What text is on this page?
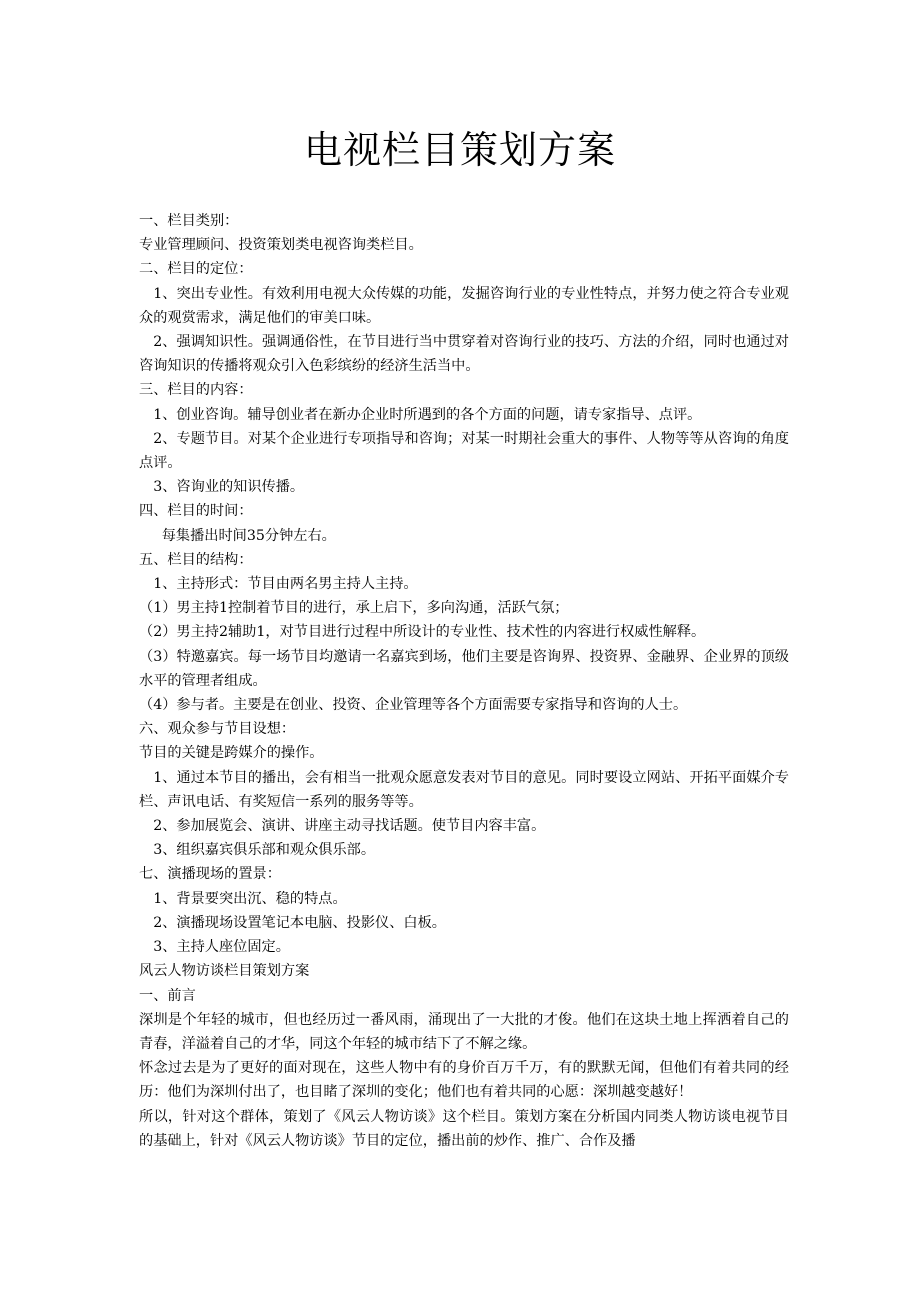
电视栏目策划方案

一、栏目类别：

专业管理顾问、投资策划类电视咨询类栏目。

二、栏目的定位：

1、突出专业性。有效利用电视大众传媒的功能，发掘咨询行业的专业性特点，并努力使之符合专业观众的观赏需求，满足他们的审美口味。

2、强调知识性。强调通俗性，在节目进行当中贯穿着对咨询行业的技巧、方法的介绍，同时也通过对咨询知识的传播将观众引入色彩缤纷的经济生活当中。

三、栏目的内容：

1、创业咨询。辅导创业者在新办企业时所遇到的各个方面的问题，请专家指导、点评。

2、专题节目。对某个企业进行专项指导和咨询；对某一时期社会重大的事件、人物等等从咨询的角度点评。

3、咨询业的知识传播。

四、栏目的时间：

每集播出时间35分钟左右。

五、栏目的结构：

1、主持形式：节目由两名男主持人主持。

（1）男主持1控制着节目的进行，承上启下，多向沟通，活跃气氛；

（2）男主持2辅助1，对节目进行过程中所设计的专业性、技术性的内容进行权威性解释。

（3）特邀嘉宾。每一场节目均邀请一名嘉宾到场，他们主要是咨询界、投资界、金融界、企业界的顶级水平的管理者组成。

（4）参与者。主要是在创业、投资、企业管理等各个方面需要专家指导和咨询的人士。

六、观众参与节目设想：

节目的关键是跨媒介的操作。

1、通过本节目的播出，会有相当一批观众愿意发表对节目的意见。同时要设立网站、开拓平面媒介专栏、声讯电话、有奖短信一系列的服务等等。

2、参加展览会、演讲、讲座主动寻找话题。使节目内容丰富。

3、组织嘉宾俱乐部和观众俱乐部。

七、演播现场的置景：

1、背景要突出沉、稳的特点。

2、演播现场设置笔记本电脑、投影仪、白板。

3、主持人座位固定。

风云人物访谈栏目策划方案

一、前言

深圳是个年轻的城市，但也经历过一番风雨，涌现出了一大批的才俊。他们在这块土地上挥洒着自己的青春，洋溢着自己的才华，同这个年轻的城市结下了不解之缘。

怀念过去是为了更好的面对现在，这些人物中有的身价百万千万，有的默默无闻，但他们有着共同的经历：他们为深圳付出了，也目睹了深圳的变化；他们也有着共同的心愿：深圳越变越好！

所以，针对这个群体，策划了《风云人物访谈》这个栏目。策划方案在分析国内同类人物访谈电视节目的基础上，针对《风云人物访谈》节目的定位，播出前的炒作、推广、合作及播
